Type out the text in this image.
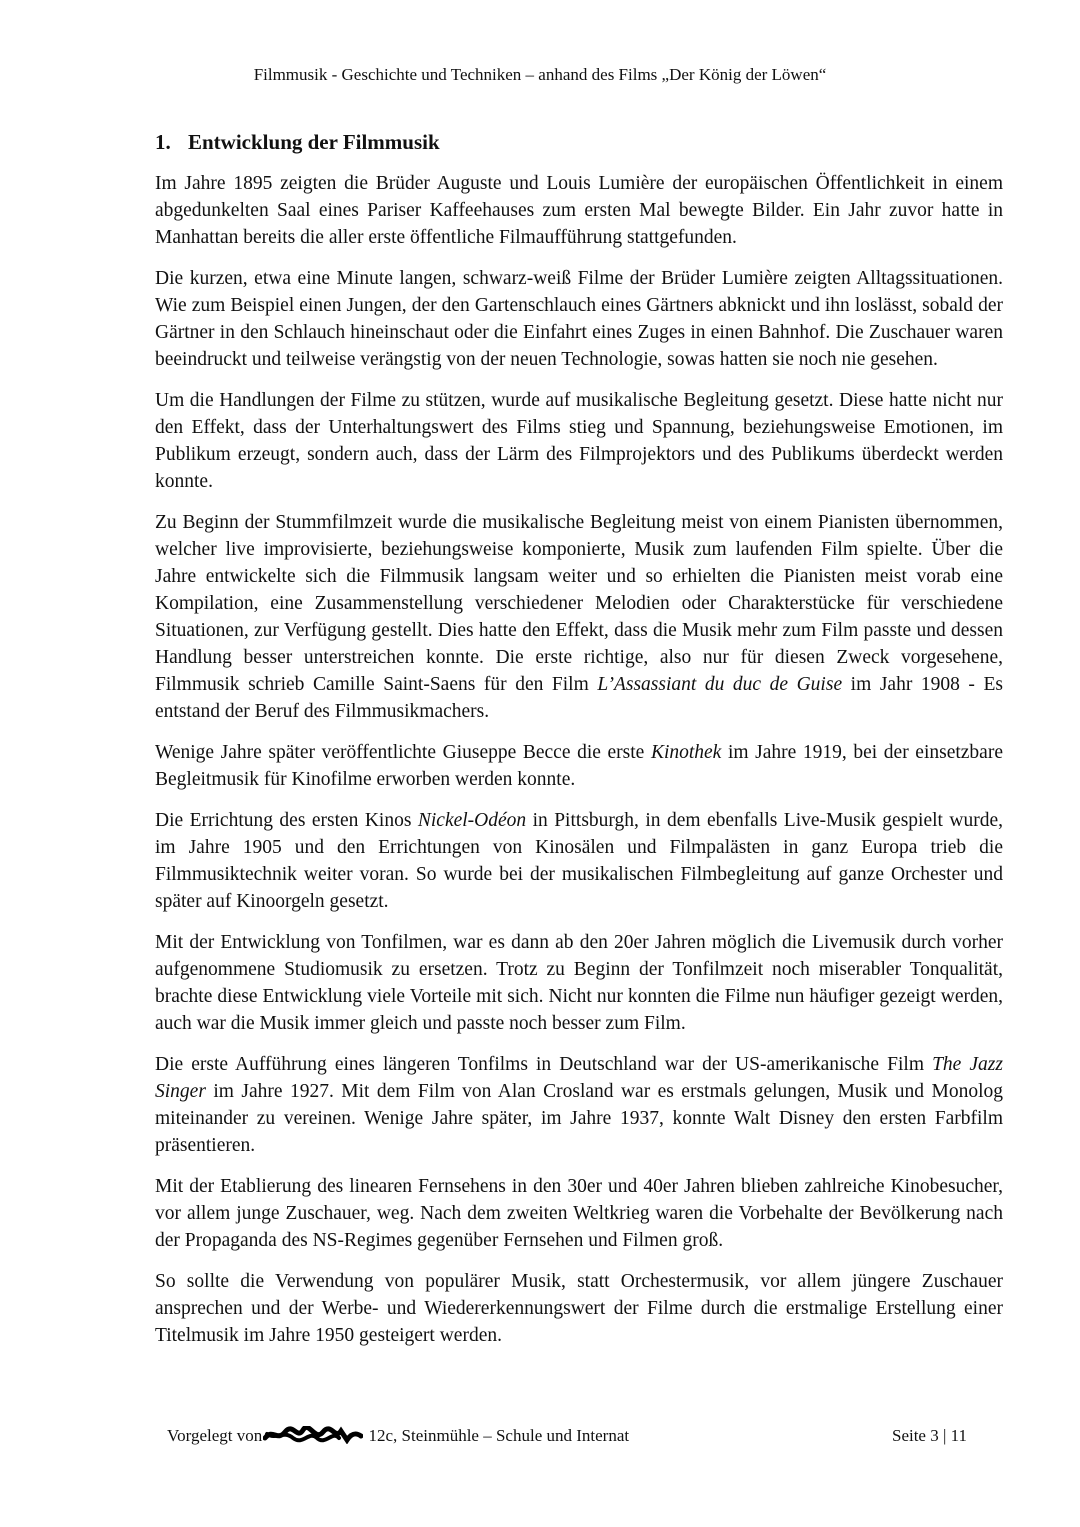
Filmmusik - Geschichte und Techniken – anhand des Films „Der König der Löwen“
1. Entwicklung der Filmmusik

Im Jahre 1895 zeigten die Brüder Auguste und Louis Lumière der europäischen Öffentlichkeit in einem abgedunkelten Saal eines Pariser Kaffeehauses zum ersten Mal bewegte Bilder. Ein Jahr zuvor hatte in Manhattan bereits die aller erste öffentliche Filmaufführung stattgefunden.

Die kurzen, etwa eine Minute langen, schwarz-weiß Filme der Brüder Lumière zeigten Alltagssituationen. Wie zum Beispiel einen Jungen, der den Gartenschlauch eines Gärtners abknickt und ihn loslässt, sobald der Gärtner in den Schlauch hineinschaut oder die Einfahrt eines Zuges in einen Bahnhof. Die Zuschauer waren beeindruckt und teilweise verängstig von der neuen Technologie, sowas hatten sie noch nie gesehen.

Um die Handlungen der Filme zu stützen, wurde auf musikalische Begleitung gesetzt. Diese hatte nicht nur den Effekt, dass der Unterhaltungswert des Films stieg und Spannung, beziehungsweise Emotionen, im Publikum erzeugt, sondern auch, dass der Lärm des Filmprojektors und des Publikums überdeckt werden konnte.

Zu Beginn der Stummfilmzeit wurde die musikalische Begleitung meist von einem Pianisten übernommen, welcher live improvisierte, beziehungsweise komponierte, Musik zum laufenden Film spielte. Über die Jahre entwickelte sich die Filmmusik langsam weiter und so erhielten die Pianisten meist vorab eine Kompilation, eine Zusammenstellung verschiedener Melodien oder Charakterstücke für verschiedene Situationen, zur Verfügung gestellt. Dies hatte den Effekt, dass die Musik mehr zum Film passte und dessen Handlung besser unterstreichen konnte. Die erste richtige, also nur für diesen Zweck vorgesehene, Filmmusik schrieb Camille Saint-Saens für den Film L’Assassiant du duc de Guise im Jahr 1908 - Es entstand der Beruf des Filmmusikmachers.

Wenige Jahre später veröffentlichte Giuseppe Becce die erste Kinothek im Jahre 1919, bei der einsetzbare Begleitmusik für Kinofilme erworben werden konnte.

Die Errichtung des ersten Kinos Nickel-Odéon in Pittsburgh, in dem ebenfalls Live-Musik gespielt wurde, im Jahre 1905 und den Errichtungen von Kinosälen und Filmpalästen in ganz Europa trieb die Filmmusiktechnik weiter voran. So wurde bei der musikalischen Filmbegleitung auf ganze Orchester und später auf Kinoorgeln gesetzt.

Mit der Entwicklung von Tonfilmen, war es dann ab den 20er Jahren möglich die Livemusik durch vorher aufgenommene Studiomusik zu ersetzen. Trotz zu Beginn der Tonfilmzeit noch miserabler Tonqualität, brachte diese Entwicklung viele Vorteile mit sich. Nicht nur konnten die Filme nun häufiger gezeigt werden, auch war die Musik immer gleich und passte noch besser zum Film.

Die erste Aufführung eines längeren Tonfilms in Deutschland war der US-amerikanische Film The Jazz Singer im Jahre 1927. Mit dem Film von Alan Crosland war es erstmals gelungen, Musik und Monolog miteinander zu vereinen. Wenige Jahre später, im Jahre 1937, konnte Walt Disney den ersten Farbfilm präsentieren.

Mit der Etablierung des linearen Fernsehens in den 30er und 40er Jahren blieben zahlreiche Kinobesucher, vor allem junge Zuschauer, weg. Nach dem zweiten Weltkrieg waren die Vorbehalte der Bevölkerung nach der Propaganda des NS-Regimes gegenüber Fernsehen und Filmen groß.

So sollte die Verwendung von populärer Musik, statt Orchestermusik, vor allem jüngere Zuschauer ansprechen und der Werbe- und Wiedererkennungswert der Filme durch die erstmalige Erstellung einer Titelmusik im Jahre 1950 gesteigert werden.

Vorgelegt von	12c, Steinmühle – Schule und Internat	Seite 3 | 11
